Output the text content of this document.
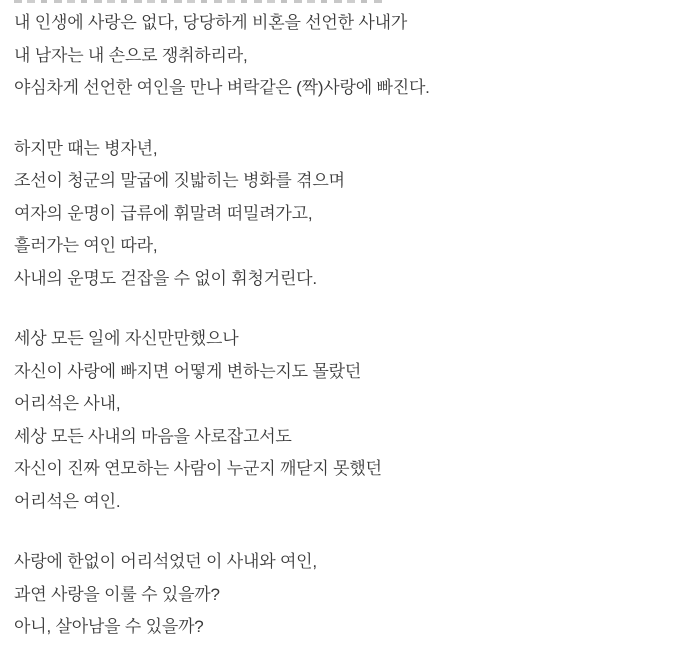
내 인생에 사랑은 없다, 당당하게 비혼을 선언한 사내가
내 남자는 내 손으로 쟁취하리라,
야심차게 선언한 여인을 만나 벼락같은 (짝)사랑에 빠진다.
하지만 때는 병자년,
조선이 청군의 말굽에 짓밟히는 병화를 겪으며
여자의 운명이 급류에 휘말려 떠밀려가고,
흘러가는 여인 따라,
사내의 운명도 걷잡을 수 없이 휘청거린다.
세상 모든 일에 자신만만했으나
자신이 사랑에 빠지면 어떻게 변하는지도 몰랐던
어리석은 사내,
세상 모든 사내의 마음을 사로잡고서도
자신이 진짜 연모하는 사람이 누군지 깨닫지 못했던
어리석은 여인.
사랑에 한없이 어리석었던 이 사내와 여인,
과연 사랑을 이룰 수 있을까?
아니, 살아남을 수 있을까?
